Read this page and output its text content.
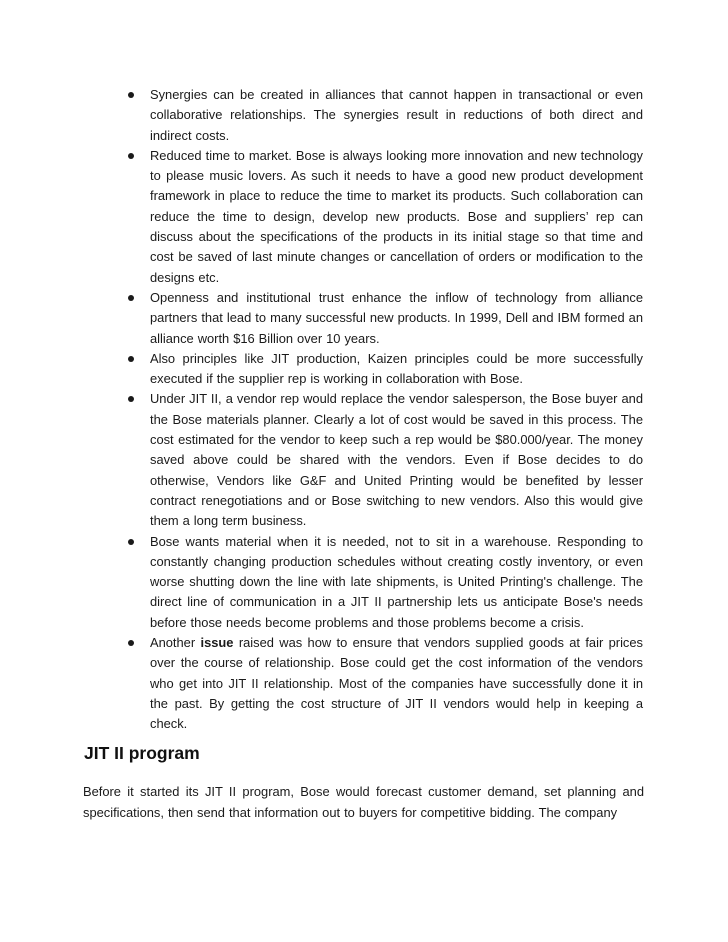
Synergies can be created in alliances that cannot happen in transactional or even collaborative relationships. The synergies result in reductions of both direct and indirect costs.
Reduced time to market. Bose is always looking more innovation and new technology to please music lovers. As such it needs to have a good new product development framework in place to reduce the time to market its products. Such collaboration can reduce the time to design, develop new products. Bose and suppliers’ rep can discuss about the specifications of the products in its initial stage so that time and cost be saved of last minute changes or cancellation of orders or modification to the designs etc.
Openness and institutional trust enhance the inflow of technology from alliance partners that lead to many successful new products. In 1999, Dell and IBM formed an alliance worth $16 Billion over 10 years.
Also principles like JIT production, Kaizen principles could be more successfully executed if the supplier rep is working in collaboration with Bose.
Under JIT II, a vendor rep would replace the vendor salesperson, the Bose buyer and the Bose materials planner. Clearly a lot of cost would be saved in this process. The cost estimated for the vendor to keep such a rep would be $80.000/year. The money saved above could be shared with the vendors. Even if Bose decides to do otherwise, Vendors like G&F and United Printing would be benefited by lesser contract renegotiations and or Bose switching to new vendors. Also this would give them a long term business.
Bose wants material when it is needed, not to sit in a warehouse. Responding to constantly changing production schedules without creating costly inventory, or even worse shutting down the line with late shipments, is United Printing's challenge. The direct line of communication in a JIT II partnership lets us anticipate Bose's needs before those needs become problems and those problems become a crisis.
Another issue raised was how to ensure that vendors supplied goods at fair prices over the course of relationship. Bose could get the cost information of the vendors who get into JIT II relationship. Most of the companies have successfully done it in the past. By getting the cost structure of JIT II vendors would help in keeping a check.
JIT II program

Before it started its JIT II program, Bose would forecast customer demand, set planning and specifications, then send that information out to buyers for competitive bidding. The company
